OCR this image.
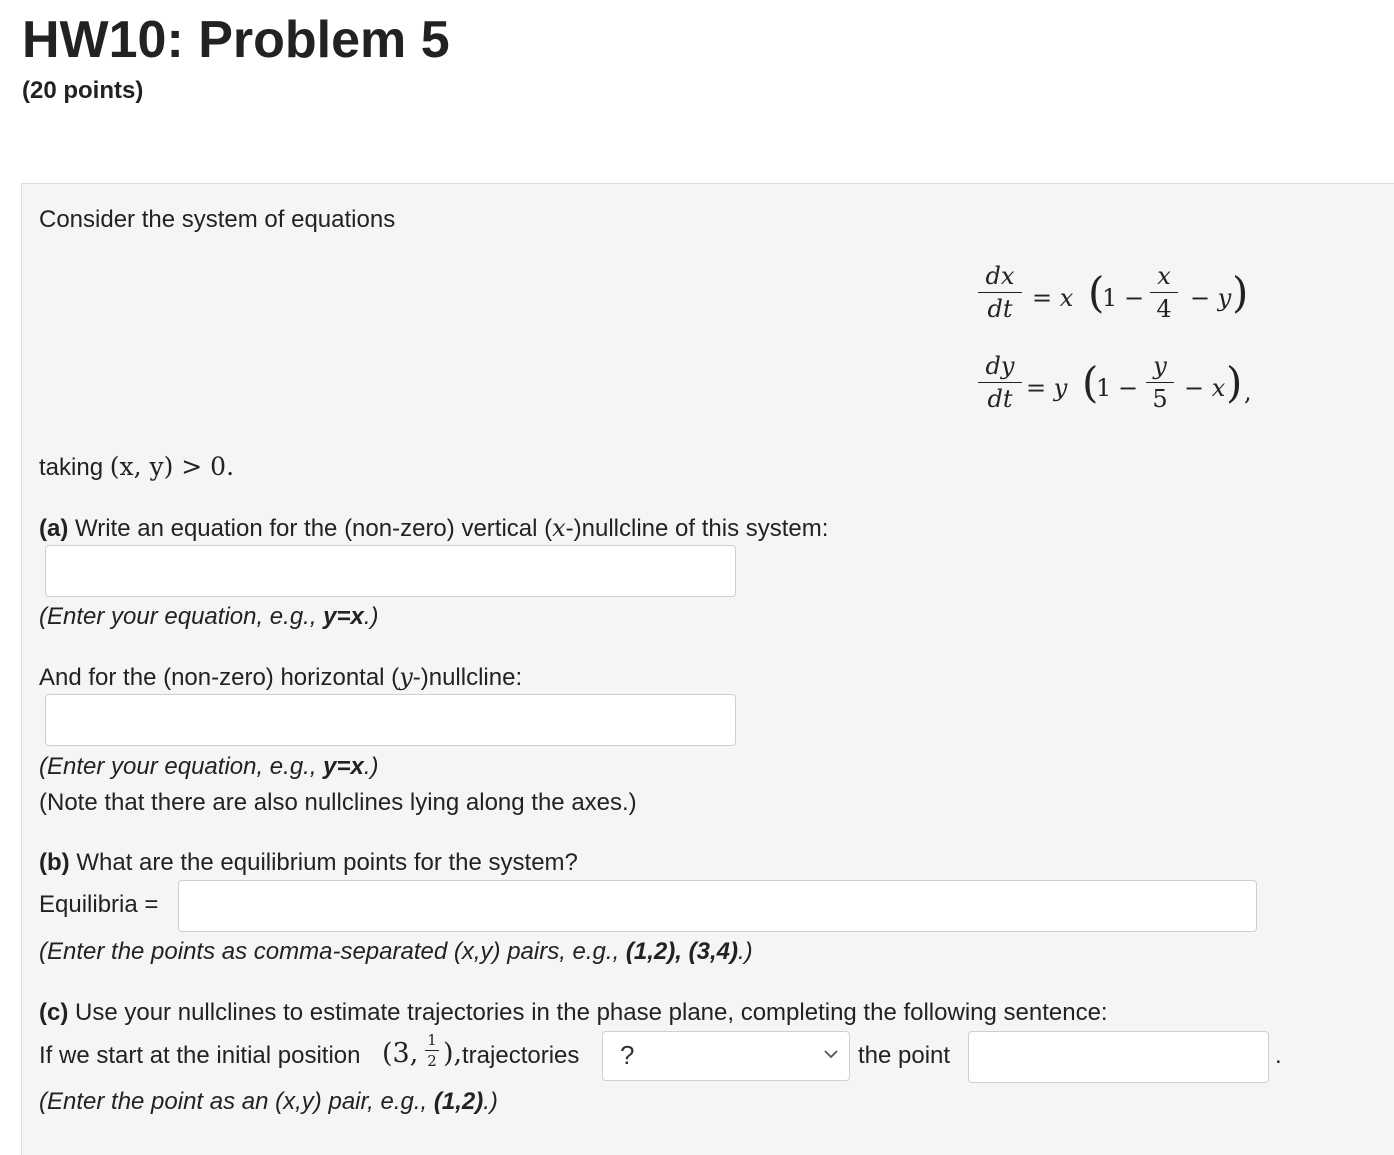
HW10: Problem 5
(20 points)
Consider the system of equations
dx
dt = x (
1 −
x
4 − y )
dy
dt = y (
1 −
y
5 − x ) ,
taking (x, y) > 0.
(a) Write an equation for the (non-zero) vertical (x-)nullcline of this system:
(Enter your equation, e.g., y=x.)
And for the (non-zero) horizontal (y-)nullcline:
(Enter your equation, e.g., y=x.)
(Note that there are also nullclines lying along the axes.)
(b) What are the equilibrium points for the system?
Equilibria =
(Enter the points as comma-separated (x,y) pairs, e.g., (1,2), (3,4).)
(c) Use your nullclines to estimate trajectories in the phase plane, completing the following sentence:
If we start at the initial position (3, 1
2 ), trajectories ?	the point	.
(Enter the point as an (x,y) pair, e.g., (1,2).)
